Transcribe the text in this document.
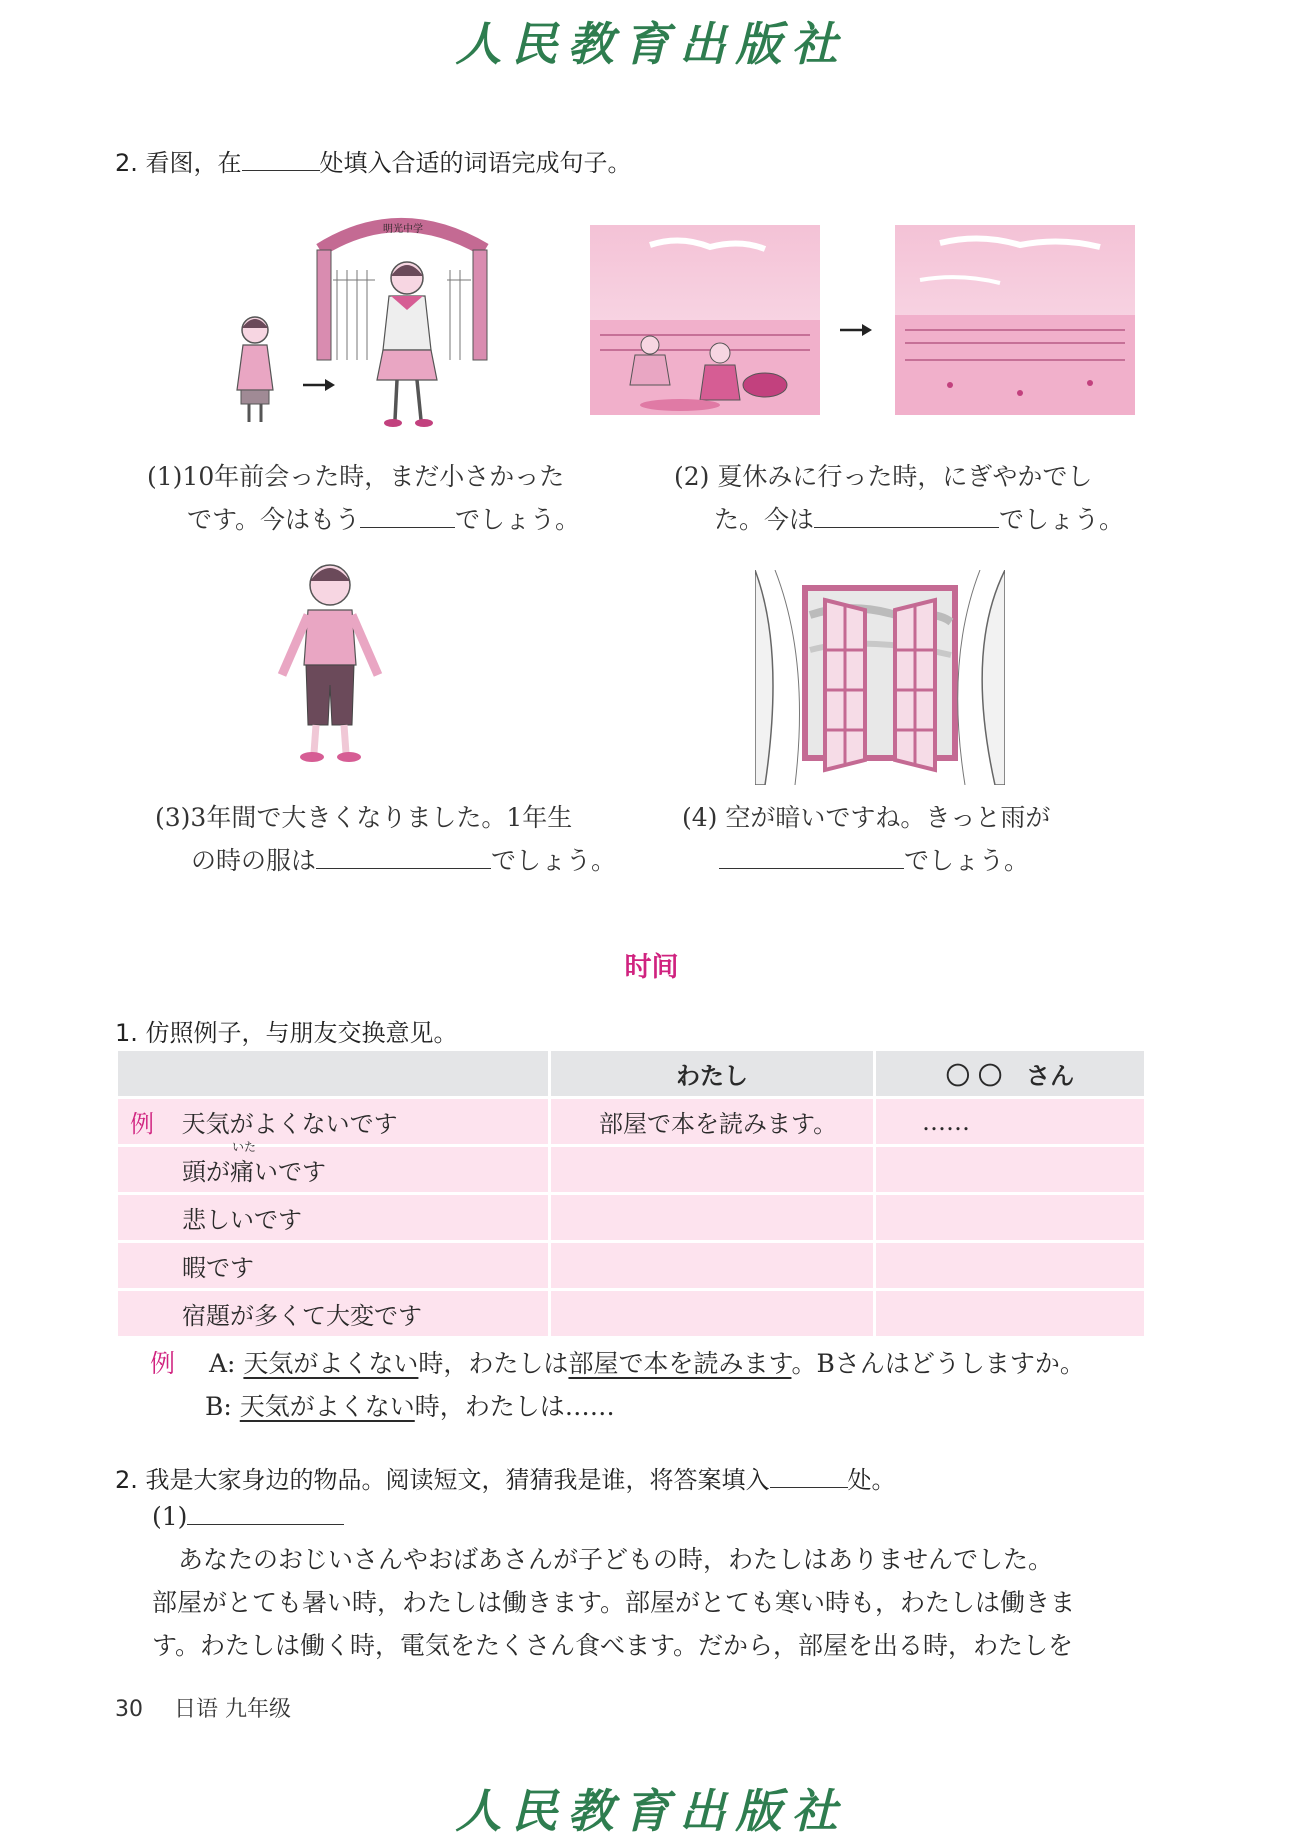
人民教育出版社
2. 看图，在	处填入合适的词语完成句子。
明光中学
(1)10年前会った時，まだ小さかった
です。今はもう	でしょう。
(2) 夏休みに行った時，にぎやかでし
た。今は	でしょう。
(3)3年間で大きくなりました。1年生
の時の服は	でしょう。
(4) 空が暗いですね。きっと雨が
でしょう。
时间
1. 仿照例子，与朋友交换意见。
	わたし	〇 〇　さん
例 天気がよくないです	部屋で本を読みます。	……

いた
頭が痛いです		
悲しいです		
暇です		
宿題が多くて大変です		
例 A: 天気がよくない時，わたしは部屋で本を読みます。Bさんはどうしますか。
B: 天気がよくない時，わたしは……
2. 我是大家身边的物品。阅读短文，猜猜我是谁，将答案填入	处。
(1)
あなたのおじいさんやおばあさんが子どもの時，わたしはありませんでした。
部屋がとても暑い時，わたしは働きます。部屋がとても寒い時も，わたしは働きま
す。わたしは働く時，電気をたくさん食べます。だから，部屋を出る時，わたしを
30 日语 九年级
人民教育出版社
